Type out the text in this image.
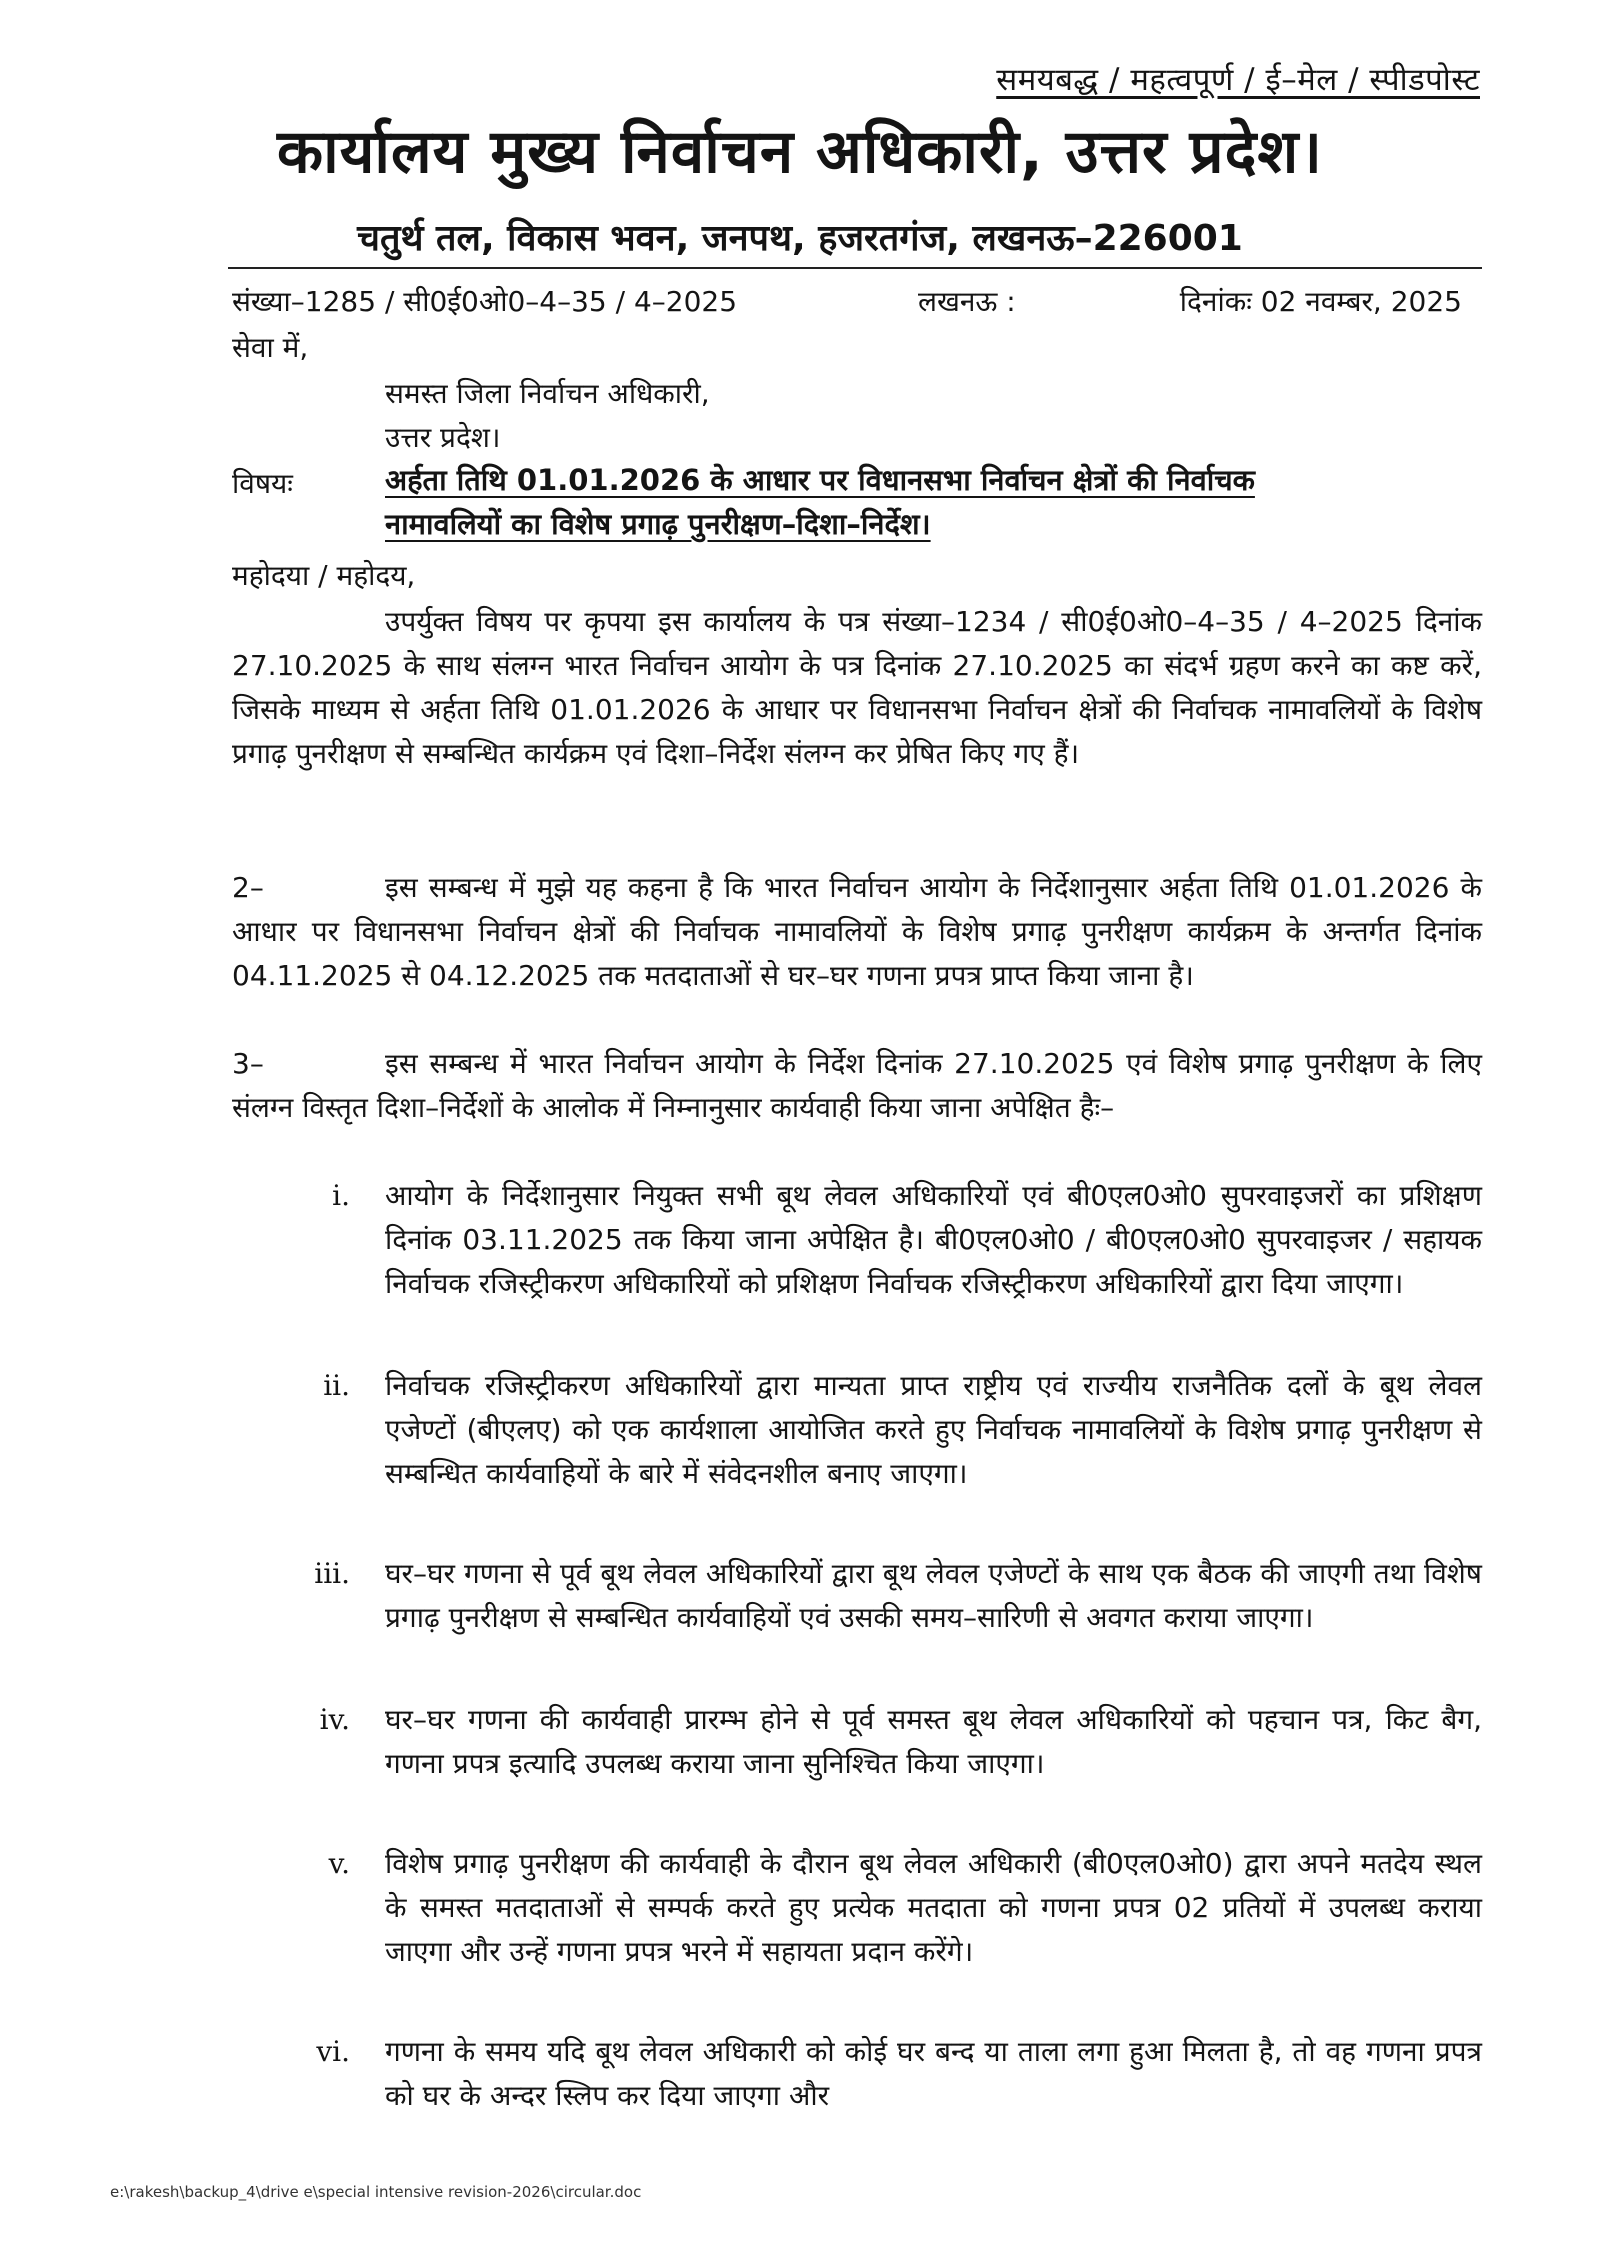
समयबद्ध / महत्वपूर्ण / ई–मेल / स्पीडपोस्ट
कार्यालय मुख्य निर्वाचन अधिकारी, उत्तर प्रदेश।
चतुर्थ तल, विकास भवन, जनपथ, हजरतगंज, लखनऊ–226001
संख्या–1285 / सी0ई0ओ0–4–35 / 4–2025	लखनऊ :	दिनांकः 02 नवम्बर, 2025
सेवा में,
समस्त जिला निर्वाचन अधिकारी,
उत्तर प्रदेश।
विषयः	अर्हता तिथि 01.01.2026 के आधार पर विधानसभा निर्वाचन क्षेत्रों की निर्वाचक
नामावलियों का विशेष प्रगाढ़ पुनरीक्षण–दिशा–निर्देश।
महोदया / महोदय,
उपर्युक्त विषय पर कृपया इस कार्यालय के पत्र संख्या–1234 / सी0ई0ओ0–4–35 / 4–2025 दिनांक 27.10.2025 के साथ संलग्न भारत निर्वाचन आयोग के पत्र दिनांक 27.10.2025 का संदर्भ ग्रहण करने का कष्ट करें, जिसके माध्यम से अर्हता तिथि 01.01.2026 के आधार पर विधानसभा निर्वाचन क्षेत्रों की निर्वाचक नामावलियों के विशेष प्रगाढ़ पुनरीक्षण से सम्बन्धित कार्यक्रम एवं दिशा–निर्देश संलग्न कर प्रेषित किए गए हैं।
2–	इस सम्बन्ध में मुझे यह कहना है कि भारत निर्वाचन आयोग के निर्देशानुसार अर्हता तिथि 01.01.2026 के आधार पर विधानसभा निर्वाचन क्षेत्रों की निर्वाचक नामावलियों के विशेष प्रगाढ़ पुनरीक्षण कार्यक्रम के अन्तर्गत दिनांक 04.11.2025 से 04.12.2025 तक मतदाताओं से घर–घर गणना प्रपत्र प्राप्त किया जाना है।
3–	इस सम्बन्ध में भारत निर्वाचन आयोग के निर्देश दिनांक 27.10.2025 एवं विशेष प्रगाढ़ पुनरीक्षण के लिए संलग्न विस्तृत दिशा–निर्देशों के आलोक में निम्नानुसार कार्यवाही किया जाना अपेक्षित हैः–
i. आयोग के निर्देशानुसार नियुक्त सभी बूथ लेवल अधिकारियों एवं बी0एल0ओ0 सुपरवाइजरों का प्रशिक्षण दिनांक 03.11.2025 तक किया जाना अपेक्षित है। बी0एल0ओ0 / बी0एल0ओ0 सुपरवाइजर / सहायक निर्वाचक रजिस्ट्रीकरण अधिकारियों को प्रशिक्षण निर्वाचक रजिस्ट्रीकरण अधिकारियों द्वारा दिया जाएगा।
ii. निर्वाचक रजिस्ट्रीकरण अधिकारियों द्वारा मान्यता प्राप्त राष्ट्रीय एवं राज्यीय राजनैतिक दलों के बूथ लेवल एजेण्टों (बीएलए) को एक कार्यशाला आयोजित करते हुए निर्वाचक नामावलियों के विशेष प्रगाढ़ पुनरीक्षण से सम्बन्धित कार्यवाहियों के बारे में संवेदनशील बनाए जाएगा।
iii. घर–घर गणना से पूर्व बूथ लेवल अधिकारियों द्वारा बूथ लेवल एजेण्टों के साथ एक बैठक की जाएगी तथा विशेष प्रगाढ़ पुनरीक्षण से सम्बन्धित कार्यवाहियों एवं उसकी समय–सारिणी से अवगत कराया जाएगा।
iv. घर–घर गणना की कार्यवाही प्रारम्भ होने से पूर्व समस्त बूथ लेवल अधिकारियों को पहचान पत्र, किट बैग, गणना प्रपत्र इत्यादि उपलब्ध कराया जाना सुनिश्चित किया जाएगा।
v. विशेष प्रगाढ़ पुनरीक्षण की कार्यवाही के दौरान बूथ लेवल अधिकारी (बी0एल0ओ0) द्वारा अपने मतदेय स्थल के समस्त मतदाताओं से सम्पर्क करते हुए प्रत्येक मतदाता को गणना प्रपत्र 02 प्रतियों में उपलब्ध कराया जाएगा और उन्हें गणना प्रपत्र भरने में सहायता प्रदान करेंगे।
vi. गणना के समय यदि बूथ लेवल अधिकारी को कोई घर बन्द या ताला लगा हुआ मिलता है, तो वह गणना प्रपत्र को घर के अन्दर स्लिप कर दिया जाएगा और
e:\rakesh\backup_4\drive e\special intensive revision-2026\circular.doc
